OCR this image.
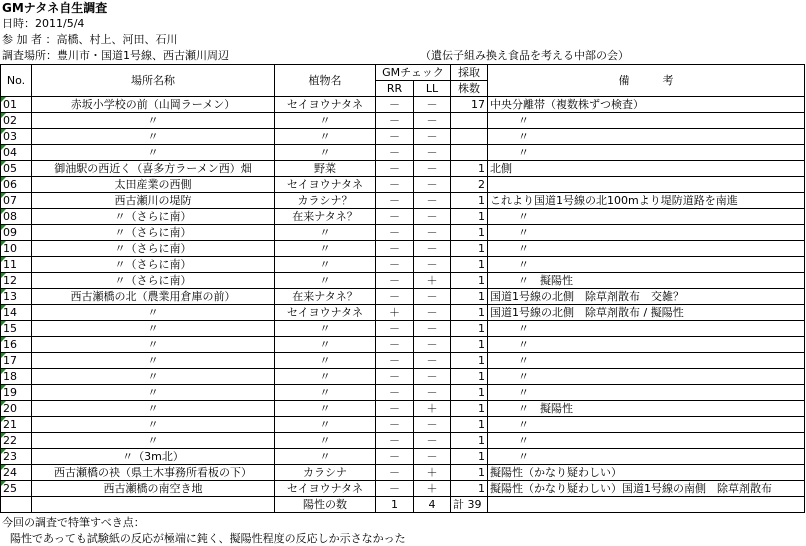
GMナタネ自生調査
日時：2011/5/4
参 加 者 ：高橋、村上、河田、石川
調査場所：豊川市・国道1号線、西古瀬川周辺	（遺伝子組み換え食品を考える中部の会）
No.	場所名称	植物名	GMチェック		採取	備　　　考
			RR	LL	株数	
01	赤坂小学校の前（山岡ラーメン）	セイヨウナタネ	－	－	17	中央分離帯（複数株ずつ検査）
02	〃	〃	－	－		〃
03	〃	〃	－	－		〃
04	〃	〃	－	－		〃
05	御油駅の西近く（喜多方ラーメン西）畑	野菜	－	－	1	北側
06	太田産業の西側	セイヨウナタネ	－	－	2	
07	西古瀬川の堤防	カラシナ？	－	－	1	これより国道1号線の北100mより堤防道路を南進
08	〃（さらに南）	在来ナタネ？	－	－	1	〃
09	〃（さらに南）	〃	－	－	1	〃
10	〃（さらに南）	〃	－	－	1	〃
11	〃（さらに南）	〃	－	－	1	〃
12	〃（さらに南）	〃	－	＋	1	〃　擬陽性
13	西古瀬橋の北（農業用倉庫の前）	在来ナタネ？	－	－	1	国道1号線の北側　除草剤散布　交雑？
14	〃	セイヨウナタネ	＋	－	1	国道1号線の北側　除草剤散布 / 擬陽性
15	〃	〃	－	－	1	〃
16	〃	〃	－	－	1	〃
17	〃	〃	－	－	1	〃
18	〃	〃	－	－	1	〃
19	〃	〃	－	－	1	〃
20	〃	〃	－	＋	1	〃　擬陽性
21	〃	〃	－	－	1	〃
22	〃	〃	－	－	1	〃
23	〃（3m北）	〃	－	－	1	〃
24	西古瀬橋の袂（県土木事務所看板の下）	カラシナ	－	＋	1	擬陽性（かなり疑わしい）
25	西古瀬橋の南空き地	セイヨウナタネ	－	＋	1	擬陽性（かなり疑わしい）国道1号線の南側　除草剤散布
		陽性の数	1	4	計 39	
今回の調査で特筆すべき点：
陽性であっても試験紙の反応が極端に鈍く、擬陽性程度の反応しか示さなかった
